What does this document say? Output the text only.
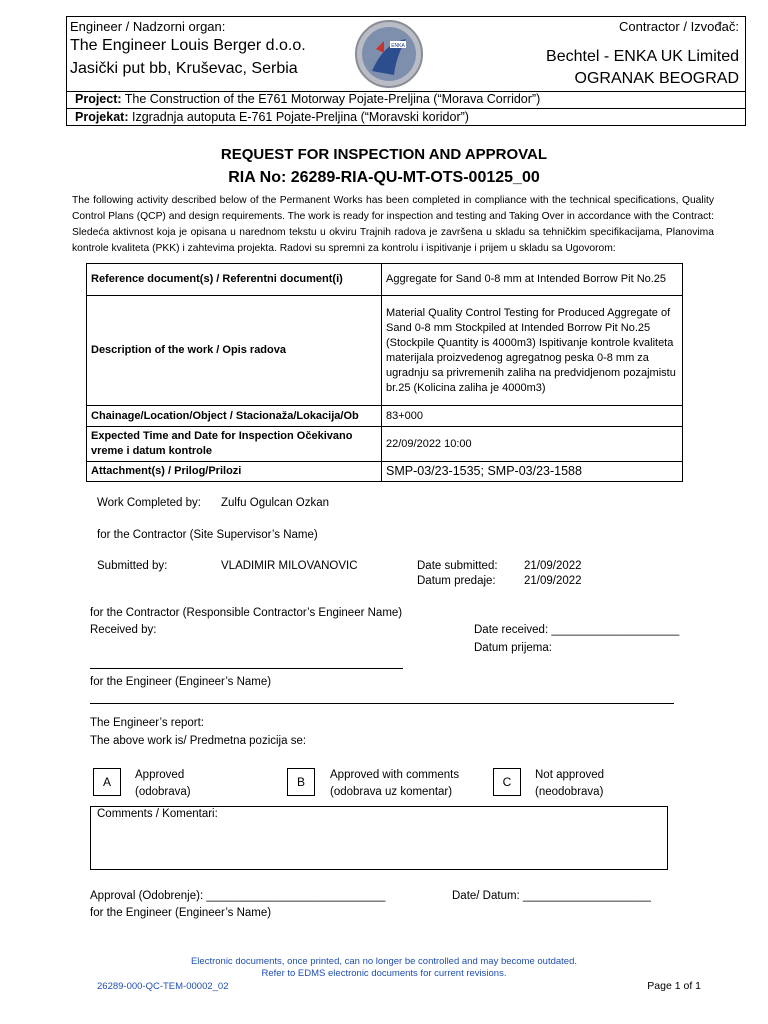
Engineer / Nadzorni organ:
The Engineer Louis Berger d.o.o.
Jasički put bb, Kruševac, Serbia
ENKA
Contractor / Izvođač:
Bechtel - ENKA UK Limited
OGRANAK BEOGRAD
Project: The Construction of the E761 Motorway Pojate-Preljina (“Morava Corridor”)
Projekat: Izgradnja autoputa E-761 Pojate-Preljina (“Moravski koridor”)
REQUEST FOR INSPECTION AND APPROVAL
RIA No: 26289-RIA-QU-MT-OTS-00125_00
The following activity described below of the Permanent Works has been completed in compliance with the technical specifications, Quality Control Plans (QCP) and design requirements. The work is ready for inspection and testing and Taking Over in accordance with the Contract: Sledeća aktivnost koja je opisana u narednom tekstu u okviru Trajnih radova je završena u skladu sa tehničkim specifikacijama, Planovima kontrole kvaliteta (PKK) i zahtevima projekta. Radovi su spremni za kontrolu i ispitivanje i prijem u skladu sa Ugovorom:
Reference document(s) / Referentni document(i)	Aggregate for Sand 0-8 mm at Intended Borrow Pit No.25
Description of the work / Opis radova	Material Quality Control Testing for Produced Aggregate of Sand 0-8 mm Stockpiled at Intended Borrow Pit No.25 (Stockpile Quantity is 4000m3) Ispitivanje kontrole kvaliteta materijala proizvedenog agregatnog peska 0-8 mm za ugradnju sa privremenih zaliha na predvidjenom pozajmistu br.25 (Kolicina zaliha je 4000m3)
Chainage/Location/Object / Stacionaža/Lokacija/Ob	83+000
Expected Time and Date for Inspection Očekivano vreme i datum kontrole	22/09/2022 10:00
Attachment(s) / Prilog/Prilozi	SMP-03/23-1535; SMP-03/23-1588
Work Completed by: Zulfu Ogulcan Ozkan
for the Contractor (Site Supervisor’s Name)
Submitted by:	VLADIMIR MILOVANOVIC	Date submitted: 21/09/2022
Datum predaje: 21/09/2022
for the Contractor (Responsible Contractor’s Engineer Name)
Received by:	Date received: ____________________
Datum prijema:
for the Engineer (Engineer’s Name)
The Engineer’s report:
The above work is/ Predmetna pozicija se:
A	Approved
(odobrava)
B	Approved with comments
(odobrava uz komentar)
C	Not approved
(neodobrava)
Comments / Komentari:
Approval (Odobrenje): ____________________________	Date/ Datum: ____________________
for the Engineer (Engineer’s Name)
Electronic documents, once printed, can no longer be controlled and may become outdated.
Refer to EDMS electronic documents for current revisions.
26289-000-QC-TEM-00002_02	Page 1 of 1
